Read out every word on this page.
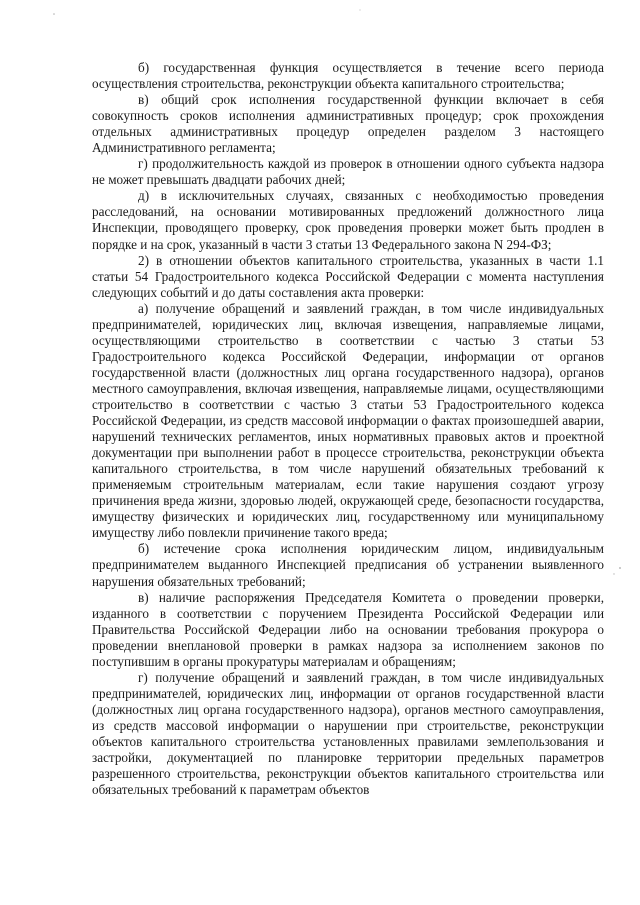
б) государственная функция осуществляется в течение всего периода осуществления строительства, реконструкции объекта капитального строительства;

в) общий срок исполнения государственной функции включает в себя совокупность сроков исполнения административных процедур; срок прохождения отдельных административных процедур определен разделом 3 настоящего Административного регламента;

г) продолжительность каждой из проверок в отношении одного субъекта надзора не может превышать двадцати рабочих дней;

д) в исключительных случаях, связанных с необходимостью проведения расследований, на основании мотивированных предложений должностного лица Инспекции, проводящего проверку, срок проведения проверки может быть продлен в порядке и на срок, указанный в части 3 статьи 13 Федерального закона N 294-ФЗ;

2) в отношении объектов капитального строительства, указанных в части 1.1 статьи 54 Градостроительного кодекса Российской Федерации с момента наступления следующих событий и до даты составления акта проверки:

а) получение обращений и заявлений граждан, в том числе индивидуальных предпринимателей, юридических лиц, включая извещения, направляемые лицами, осуществляющими строительство в соответствии с частью 3 статьи 53 Градостроительного кодекса Российской Федерации, информации от органов государственной власти (должностных лиц органа государственного надзора), органов местного самоуправления, включая извещения, направляемые лицами, осуществляющими строительство в соответствии с частью 3 статьи 53 Градостроительного кодекса Российской Федерации, из средств массовой информации о фактах произошедшей аварии, нарушений технических регламентов, иных нормативных правовых актов и проектной документации при выполнении работ в процессе строительства, реконструкции объекта капитального строительства, в том числе нарушений обязательных требований к применяемым строительным материалам, если такие нарушения создают угрозу причинения вреда жизни, здоровью людей, окружающей среде, безопасности государства, имуществу физических и юридических лиц, государственному или муниципальному имуществу либо повлекли причинение такого вреда;

б) истечение срока исполнения юридическим лицом, индивидуальным предпринимателем выданного Инспекцией предписания об устранении выявленного нарушения обязательных требований;

в) наличие распоряжения Председателя Комитета о проведении проверки, изданного в соответствии с поручением Президента Российской Федерации или Правительства Российской Федерации либо на основании требования прокурора о проведении внеплановой проверки в рамках надзора за исполнением законов по поступившим в органы прокуратуры материалам и обращениям;

г) получение обращений и заявлений граждан, в том числе индивидуальных предпринимателей, юридических лиц, информации от органов государственной власти (должностных лиц органа государственного надзора), органов местного самоуправления, из средств массовой информации о нарушении при строительстве, реконструкции объектов капитального строительства установленных правилами землепользования и застройки, документацией по планировке территории предельных параметров разрешенного строительства, реконструкции объектов капитального строительства или обязательных требований к параметрам объектов
